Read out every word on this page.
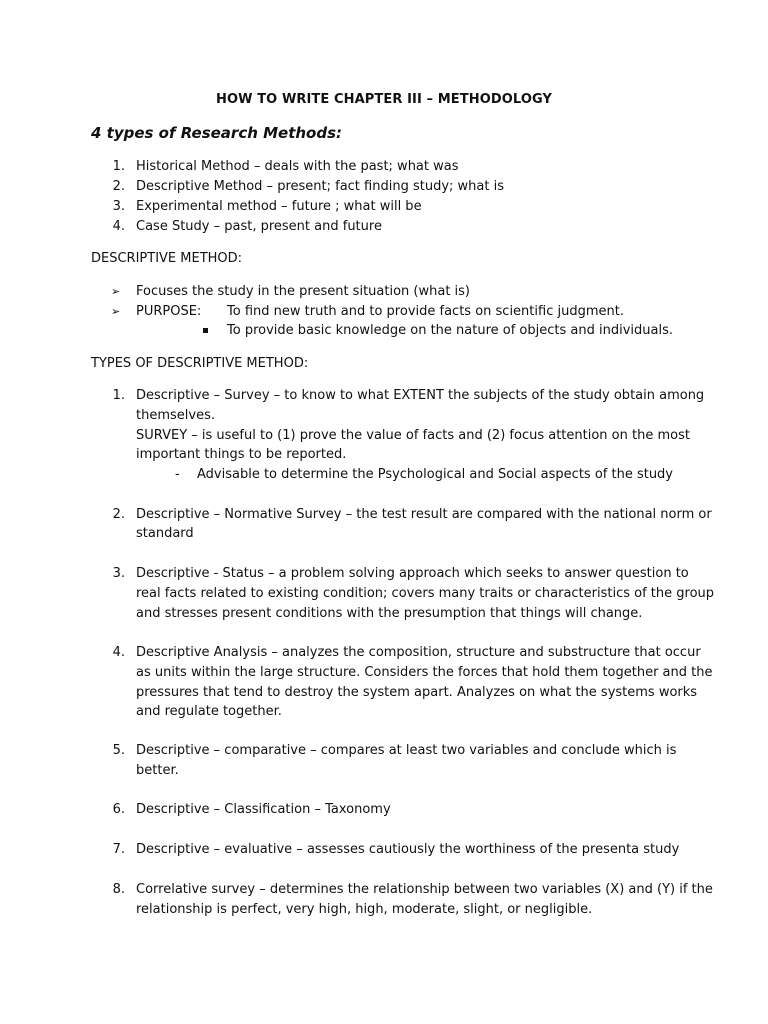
HOW TO WRITE CHAPTER III – METHODOLOGY
4 types of Research Methods:
1. Historical Method – deals with the past; what was
2. Descriptive Method – present; fact finding study; what is
3. Experimental method – future ; what will be
4. Case Study – past, present and future
DESCRIPTIVE METHOD:
➢ Focuses the study in the present situation (what is)
➢ PURPOSE: To find new truth and to provide facts on scientific judgment.
To provide basic knowledge on the nature of objects and individuals.
TYPES OF DESCRIPTIVE METHOD:
1. Descriptive – Survey – to know to what EXTENT the subjects of the study obtain among
themselves.
SURVEY – is useful to (1) prove the value of facts and (2) focus attention on the most
important things to be reported.
- Advisable to determine the Psychological and Social aspects of the study
2. Descriptive – Normative Survey – the test result are compared with the national norm or
standard
3. Descriptive - Status – a problem solving approach which seeks to answer question to
real facts related to existing condition; covers many traits or characteristics of the group
and stresses present conditions with the presumption that things will change.
4. Descriptive Analysis – analyzes the composition, structure and substructure that occur
as units within the large structure. Considers the forces that hold them together and the
pressures that tend to destroy the system apart. Analyzes on what the systems works
and regulate together.
5. Descriptive – comparative – compares at least two variables and conclude which is
better.
6. Descriptive – Classification – Taxonomy
7. Descriptive – evaluative – assesses cautiously the worthiness of the presenta study
8. Correlative survey – determines the relationship between two variables (X) and (Y) if the
relationship is perfect, very high, high, moderate, slight, or negligible.
